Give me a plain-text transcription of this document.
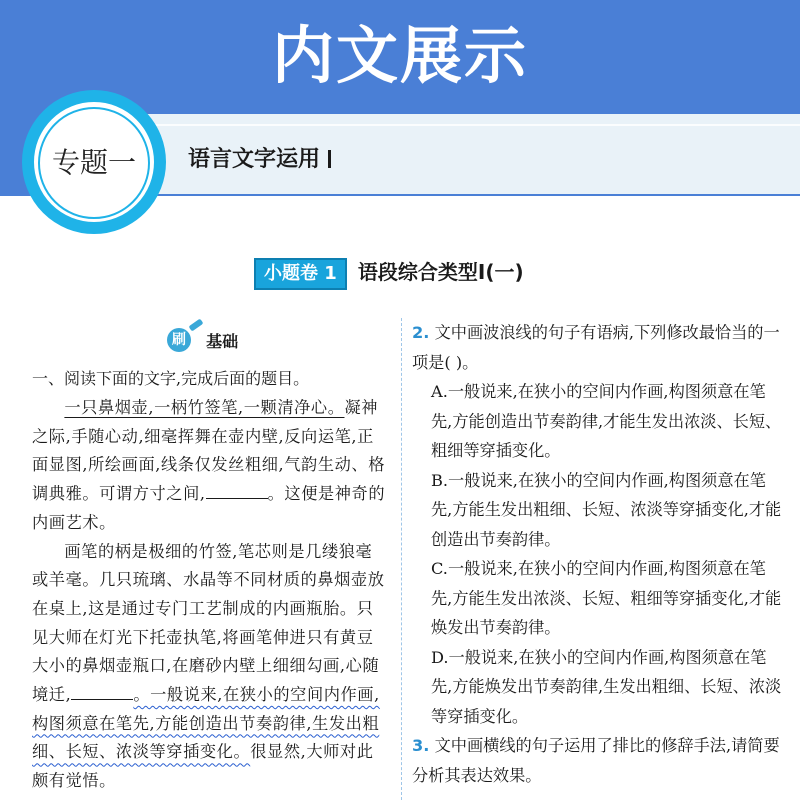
内文展示
专题一	语言文字运用
小题卷 1 语段综合类型Ⅰ(一)
刷 基础
一、阅读下面的文字,完成后面的题目。

一只鼻烟壶,一柄竹签笔,一颗清净心。凝神之际,手随心动,细毫挥舞在壶内壁,反向运笔,正面显图,所绘画面,线条仅发丝粗细,气韵生动、格调典雅。可谓方寸之间,	。这便是神奇的内画艺术。

画笔的柄是极细的竹签,笔芯则是几缕狼毫或羊毫。几只琉璃、水晶等不同材质的鼻烟壶放在桌上,这是通过专门工艺制成的内画瓶胎。只见大师在灯光下托壶执笔,将画笔伸进只有黄豆大小的鼻烟壶瓶口,在磨砂内壁上细细勾画,心随境迁,	。一般说来,在狭小的空间内作画,构图须意在笔先,方能创造出节奏韵律,生发出粗细、长短、浓淡等穿插变化。很显然,大师对此颇有觉悟。

2. 文中画波浪线的句子有语病,下列修改最恰当的一项是( )。
A.一般说来,在狭小的空间内作画,构图须意在笔先,方能创造出节奏韵律,才能生发出浓淡、长短、粗细等穿插变化。
B.一般说来,在狭小的空间内作画,构图须意在笔先,方能生发出粗细、长短、浓淡等穿插变化,才能创造出节奏韵律。
C.一般说来,在狭小的空间内作画,构图须意在笔先,方能生发出浓淡、长短、粗细等穿插变化,才能焕发出节奏韵律。
D.一般说来,在狭小的空间内作画,构图须意在笔先,方能焕发出节奏韵律,生发出粗细、长短、浓淡等穿插变化。
3. 文中画横线的句子运用了排比的修辞手法,请简要分析其表达效果。
